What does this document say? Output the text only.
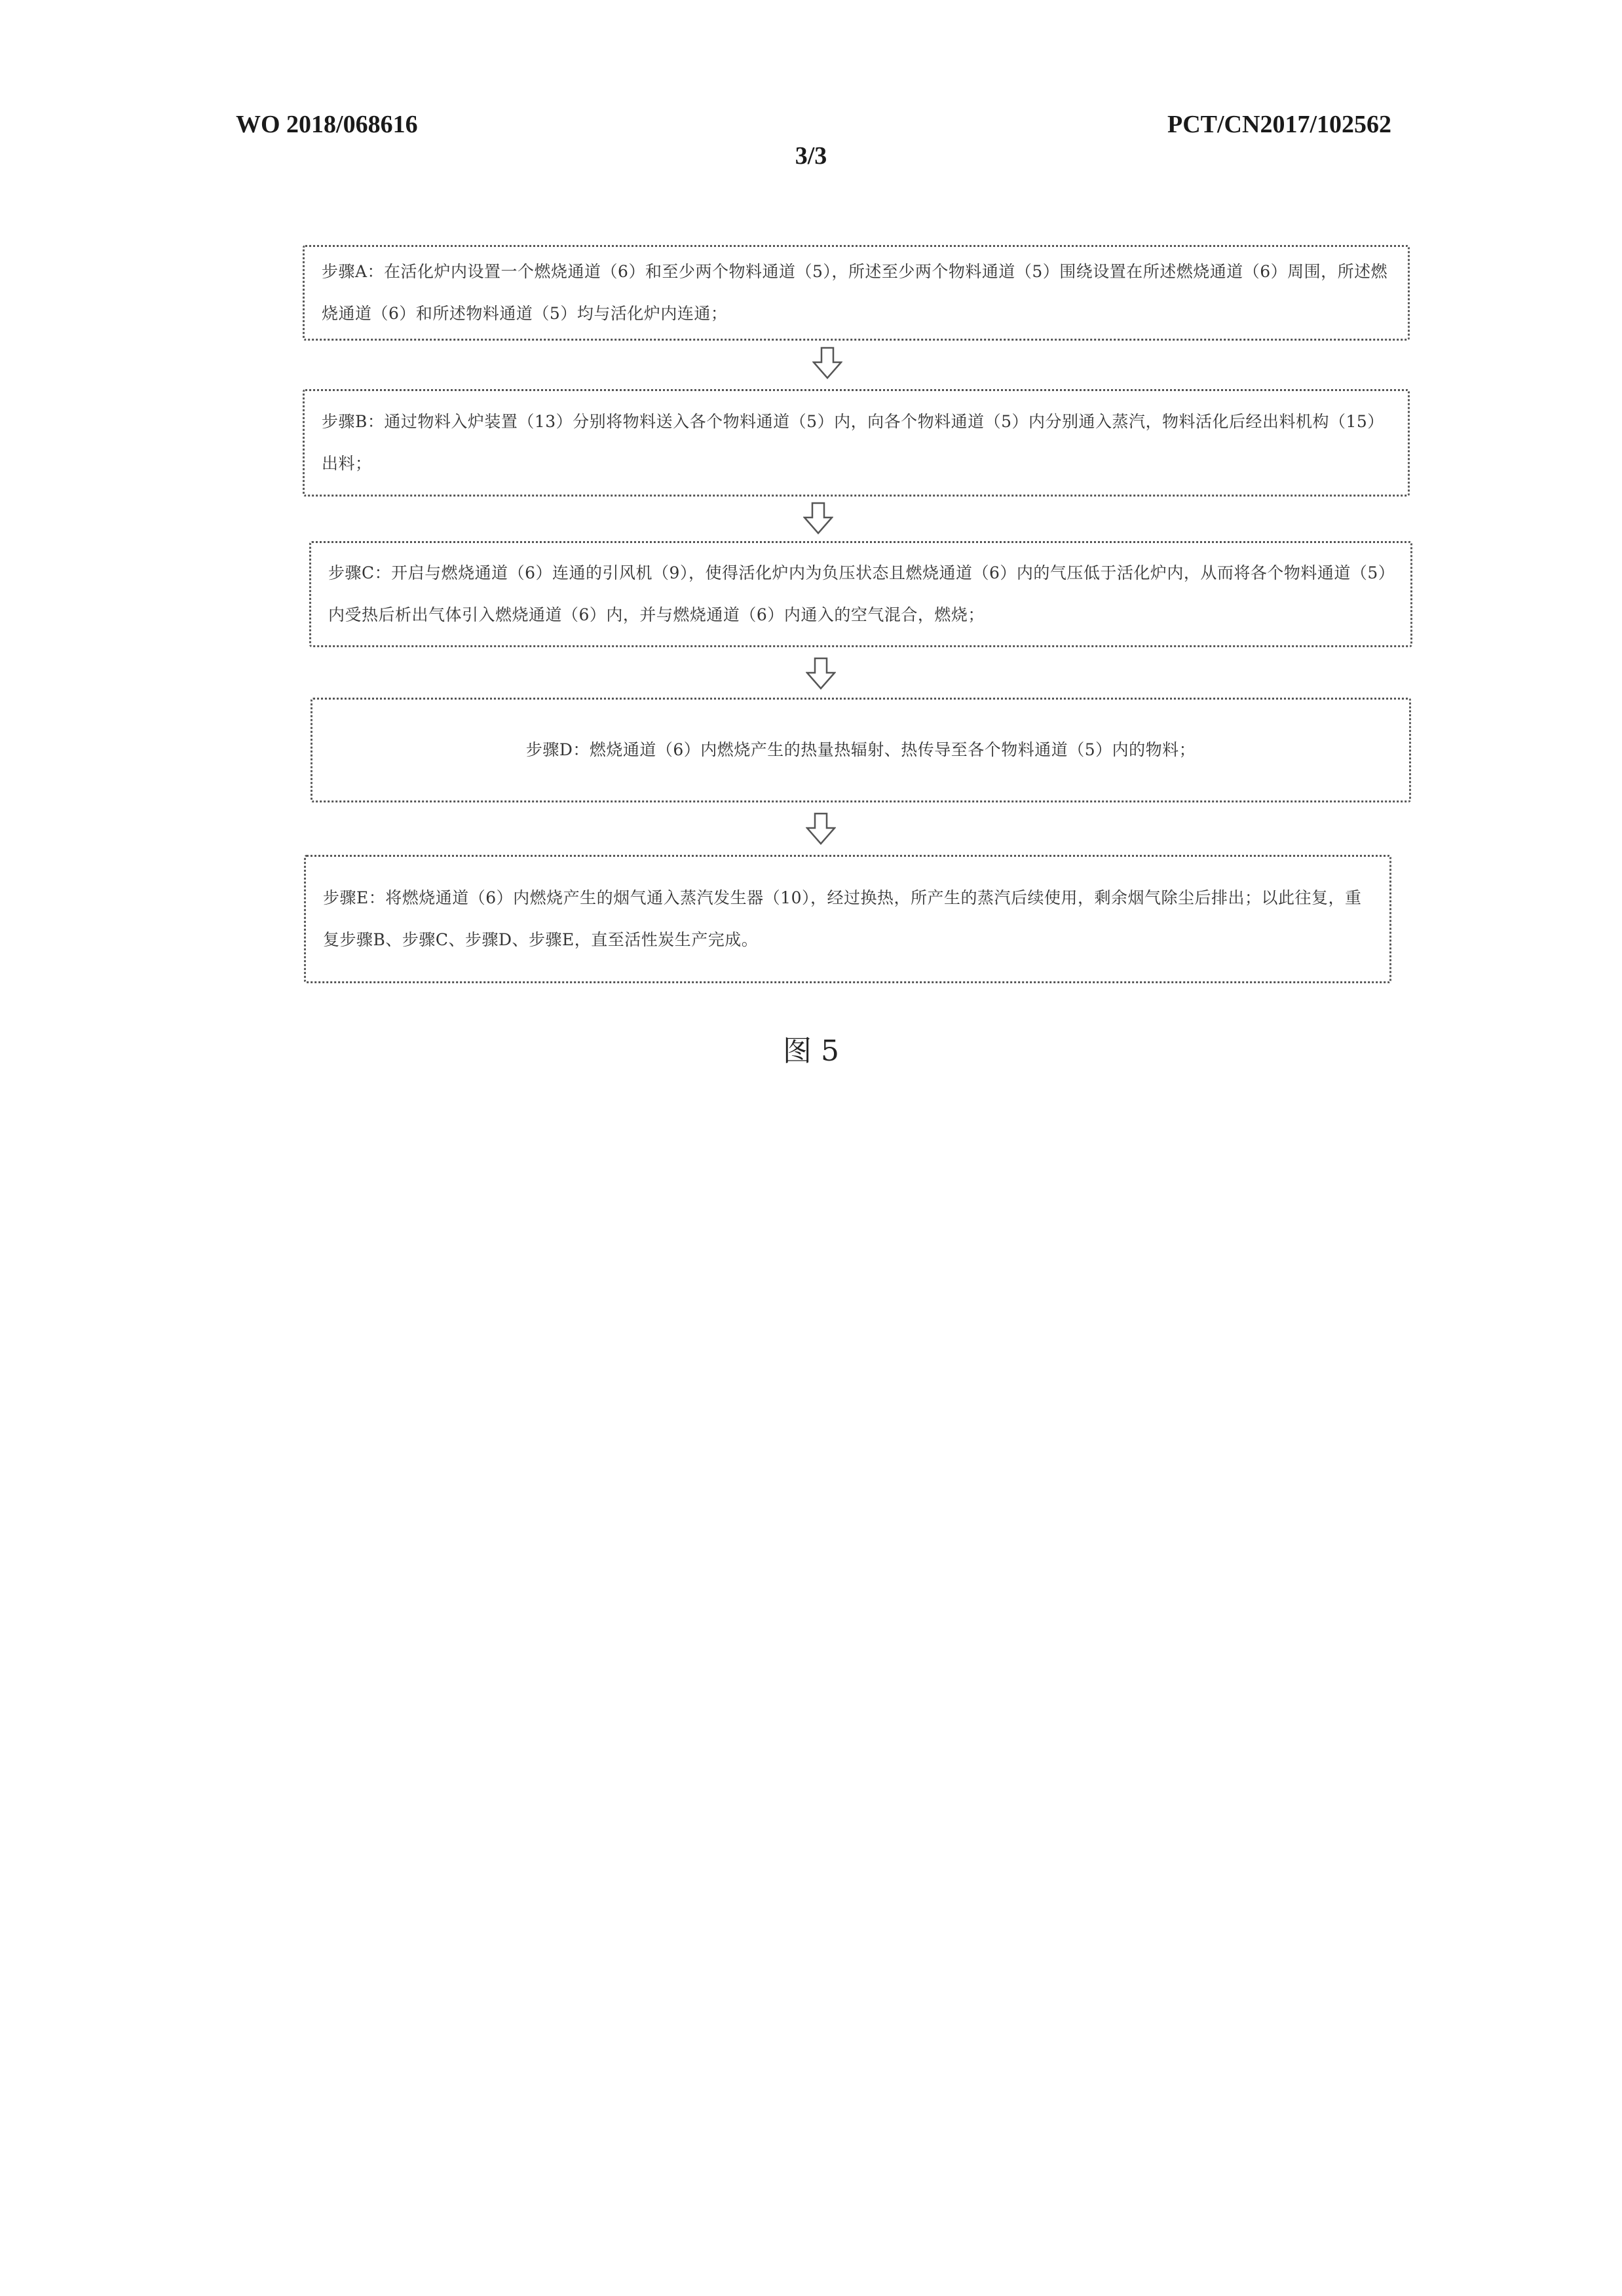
WO 2018/068616	PCT/CN2017/102562
3/3
步骤A：在活化炉内设置一个燃烧通道（6）和至少两个物料通道（5），所述至少两个物料通道（5）围绕设置在所述燃烧通道（6）周围，所述燃烧通道（6）和所述物料通道（5）均与活化炉内连通；
步骤B：通过物料入炉装置（13）分别将物料送入各个物料通道（5）内，向各个物料通道（5）内分别通入蒸汽，物料活化后经出料机构（15）出料；
步骤C：开启与燃烧通道（6）连通的引风机（9），使得活化炉内为负压状态且燃烧通道（6）内的气压低于活化炉内，从而将各个物料通道（5）内受热后析出气体引入燃烧通道（6）内，并与燃烧通道（6）内通入的空气混合，燃烧；
步骤D：燃烧通道（6）内燃烧产生的热量热辐射、热传导至各个物料通道（5）内的物料；
步骤E：将燃烧通道（6）内燃烧产生的烟气通入蒸汽发生器（10），经过换热，所产生的蒸汽后续使用，剩余烟气除尘后排出；以此往复，重复步骤B、步骤C、步骤D、步骤E，直至活性炭生产完成。
图 5
